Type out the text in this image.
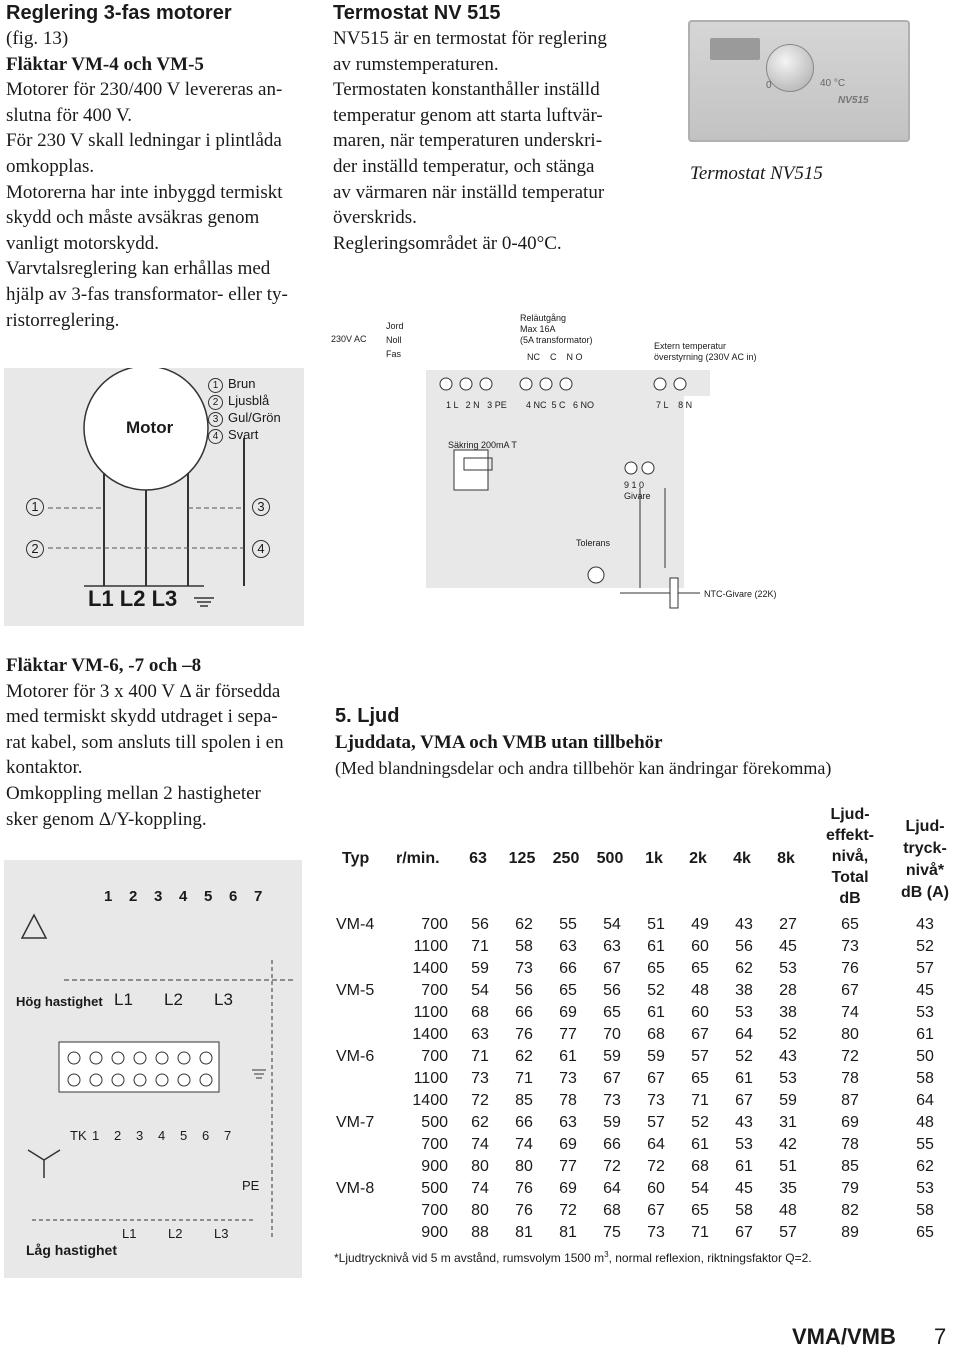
Reglering 3-fas motorer
(fig. 13)
Fläktar VM-4 och VM-5
Motorer för 230/400 V levereras an-
slutna för 400 V.
För 230 V skall ledningar i plintlåda
omkopplas.
Motorerna har inte inbyggd termiskt
skydd och måste avsäkras genom
vanligt motorskydd.
Varvtalsreglering kan erhållas med
hjälp av 3-fas transformator- eller ty-
ristorreglering.
Termostat NV 515
NV515 är en termostat för reglering
av rumstemperaturen.
Termostaten konstanthåller inställd
temperatur genom att starta luftvär-
maren, när temperaturen underskri-
der inställd temperatur, och stänga
av värmaren när inställd temperatur
överskrids.
Regleringsområdet är 0-40°C.
0	40 °C
NV515
Termostat NV515
Motor
1 Brun
2 Ljusblå
3 Gul/Grön
4 Svart
1	3
2	4
L1 L2 L3
230V AC
Jord
Noll
Fas
Reläutgång
Max 16A
(5A transformator)
NC    C    N O
Extern temperatur
överstyrning (230V AC in)
1 L   2 N   3 PE 4 NC  5 C   6 NO
Säkring 200mA T
9 1 0
Givare
Tolerans
7 L    8 N
NTC-Givare (22K)
Fläktar VM-6, -7 och –8
Motorer för 3 x 400 V Δ är försedda
med termiskt skydd utdraget i sepa-
rat kabel, som ansluts till spolen i en
kontaktor.
Omkoppling mellan 2 hastigheter
sker genom Δ/Y-koppling.
1 2 3 4 5 6 7
Hög hastighet L1 L2 L3
TK 1 2 3 4 5 6 7
PE
L1 L2 L3
Låg hastighet
5. Ljud
Ljuddata, VMA och VMB utan tillbehör
(Med blandningsdelar och andra tillbehör kan ändringar förekomma)
Typ	r/min.	63	125	250	500	1k	2k	4k	8k
Ljud-
effekt-
nivå,
Total
dB
Ljud-
tryck-
nivå*
dB (A)
VM-4	700	56	62	55	54	51	49	43	27	65	43
1100	71	58	63	63	61	60	56	45	73	52
1400	59	73	66	67	65	65	62	53	76	57
VM-5	700	54	56	65	56	52	48	38	28	67	45
1100	68	66	69	65	61	60	53	38	74	53
1400	63	76	77	70	68	67	64	52	80	61
VM-6	700	71	62	61	59	59	57	52	43	72	50
1100	73	71	73	67	67	65	61	53	78	58
1400	72	85	78	73	73	71	67	59	87	64
VM-7	500	62	66	63	59	57	52	43	31	69	48
700	74	74	69	66	64	61	53	42	78	55
900	80	80	77	72	72	68	61	51	85	62
VM-8	500	74	76	69	64	60	54	45	35	79	53
700	80	76	72	68	67	65	58	48	82	58
900	88	81	81	75	73	71	67	57	89	65
*Ljudtrycknivå vid 5 m avstånd, rumsvolym 1500 $m^3$, normal reflexion, riktningsfaktor Q=2.
VMA/VMB 7
